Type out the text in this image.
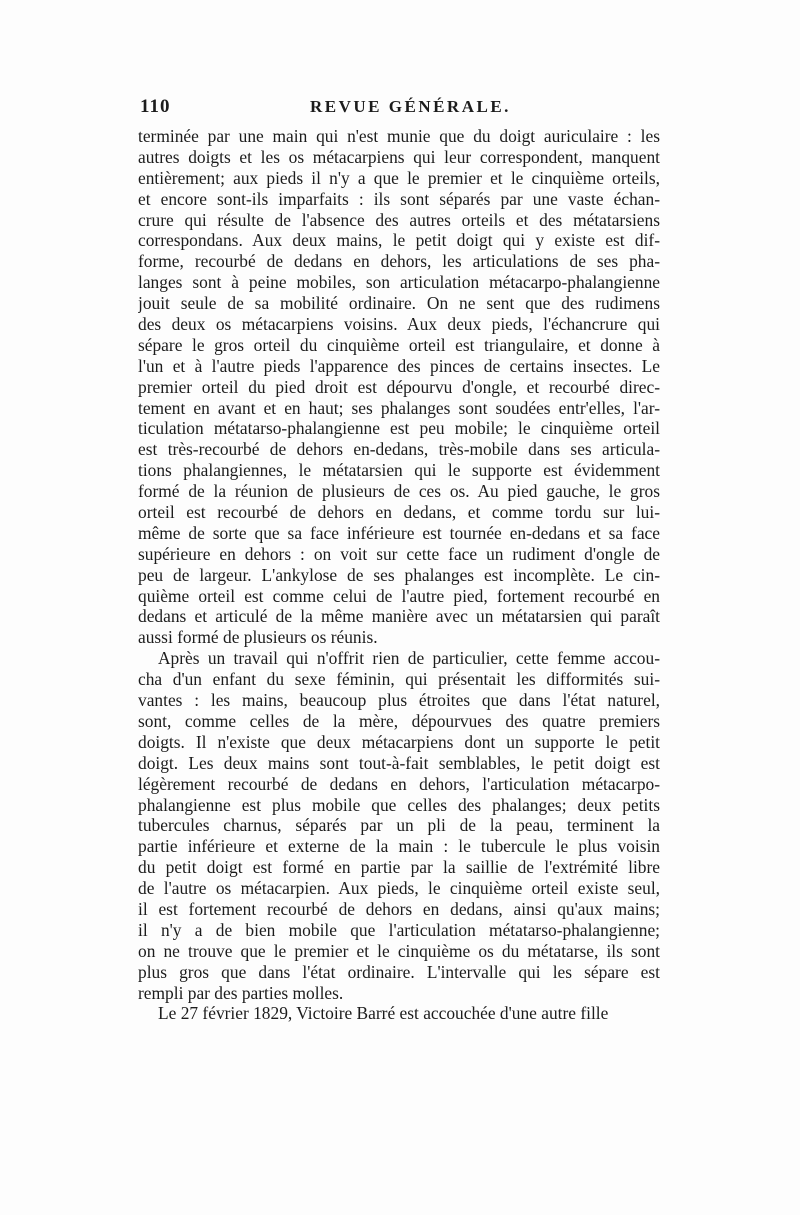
110	REVUE GÉNÉRALE.
terminée par une main qui n'est munie que du doigt auriculaire : les
autres doigts et les os métacarpiens qui leur correspondent, manquent
entièrement; aux pieds il n'y a que le premier et le cinquième orteils,
et encore sont-ils imparfaits : ils sont séparés par une vaste échan-
crure qui résulte de l'absence des autres orteils et des métatarsiens
correspondans. Aux deux mains, le petit doigt qui y existe est dif-
forme, recourbé de dedans en dehors, les articulations de ses pha-
langes sont à peine mobiles, son articulation métacarpo-phalangienne
jouit seule de sa mobilité ordinaire. On ne sent que des rudimens
des deux os métacarpiens voisins. Aux deux pieds, l'échancrure qui
sépare le gros orteil du cinquième orteil est triangulaire, et donne à
l'un et à l'autre pieds l'apparence des pinces de certains insectes. Le
premier orteil du pied droit est dépourvu d'ongle, et recourbé direc-
tement en avant et en haut; ses phalanges sont soudées entr'elles, l'ar-
ticulation métatarso-phalangienne est peu mobile; le cinquième orteil
est très-recourbé de dehors en-dedans, très-mobile dans ses articula-
tions phalangiennes, le métatarsien qui le supporte est évidemment
formé de la réunion de plusieurs de ces os. Au pied gauche, le gros
orteil est recourbé de dehors en dedans, et comme tordu sur lui-
même de sorte que sa face inférieure est tournée en-dedans et sa face
supérieure en dehors : on voit sur cette face un rudiment d'ongle de
peu de largeur. L'ankylose de ses phalanges est incomplète. Le cin-
quième orteil est comme celui de l'autre pied, fortement recourbé en
dedans et articulé de la même manière avec un métatarsien qui paraît
aussi formé de plusieurs os réunis.
Après un travail qui n'offrit rien de particulier, cette femme accou-
cha d'un enfant du sexe féminin, qui présentait les difformités sui-
vantes : les mains, beaucoup plus étroites que dans l'état naturel,
sont, comme celles de la mère, dépourvues des quatre premiers
doigts. Il n'existe que deux métacarpiens dont un supporte le petit
doigt. Les deux mains sont tout-à-fait semblables, le petit doigt est
légèrement recourbé de dedans en dehors, l'articulation métacarpo-
phalangienne est plus mobile que celles des phalanges; deux petits
tubercules charnus, séparés par un pli de la peau, terminent la
partie inférieure et externe de la main : le tubercule le plus voisin
du petit doigt est formé en partie par la saillie de l'extrémité libre
de l'autre os métacarpien. Aux pieds, le cinquième orteil existe seul,
il est fortement recourbé de dehors en dedans, ainsi qu'aux mains;
il n'y a de bien mobile que l'articulation métatarso-phalangienne;
on ne trouve que le premier et le cinquième os du métatarse, ils sont
plus gros que dans l'état ordinaire. L'intervalle qui les sépare est
rempli par des parties molles.
Le 27 février 1829, Victoire Barré est accouchée d'une autre fille
